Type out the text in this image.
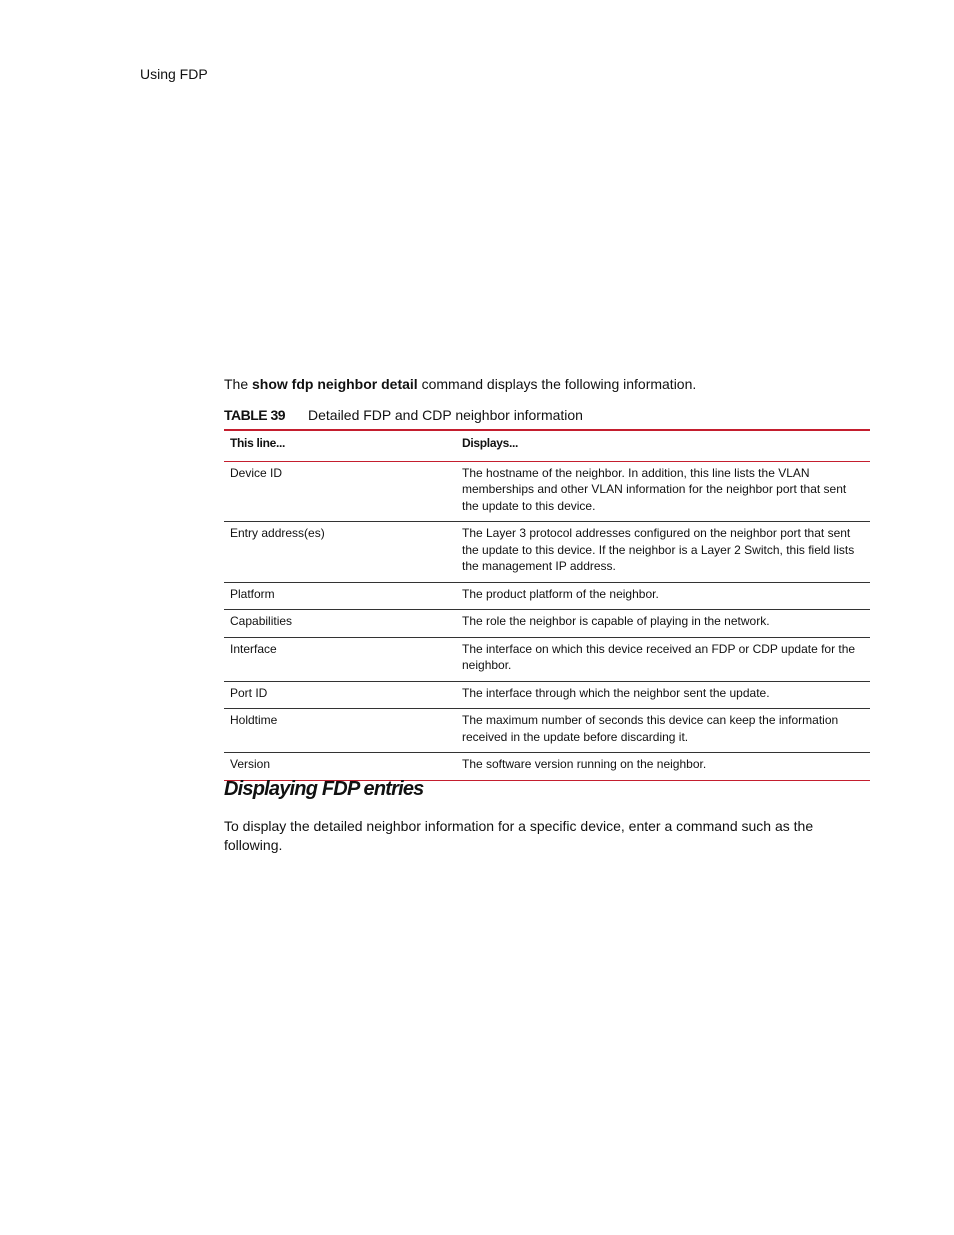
Using FDP
The show fdp neighbor detail command displays the following information.
TABLE 39 Detailed FDP and CDP neighbor information
This line...	Displays...
Device ID	The hostname of the neighbor. In addition, this line lists the VLAN memberships and other VLAN information for the neighbor port that sent the update to this device.
Entry address(es)	The Layer 3 protocol addresses configured on the neighbor port that sent the update to this device. If the neighbor is a Layer 2 Switch, this field lists the management IP address.
Platform	The product platform of the neighbor.
Capabilities	The role the neighbor is capable of playing in the network.
Interface	The interface on which this device received an FDP or CDP update for the neighbor.
Port ID	The interface through which the neighbor sent the update.
Holdtime	The maximum number of seconds this device can keep the information received in the update before discarding it.
Version	The software version running on the neighbor.
Displaying FDP entries
To display the detailed neighbor information for a specific device, enter a command such as the following.
